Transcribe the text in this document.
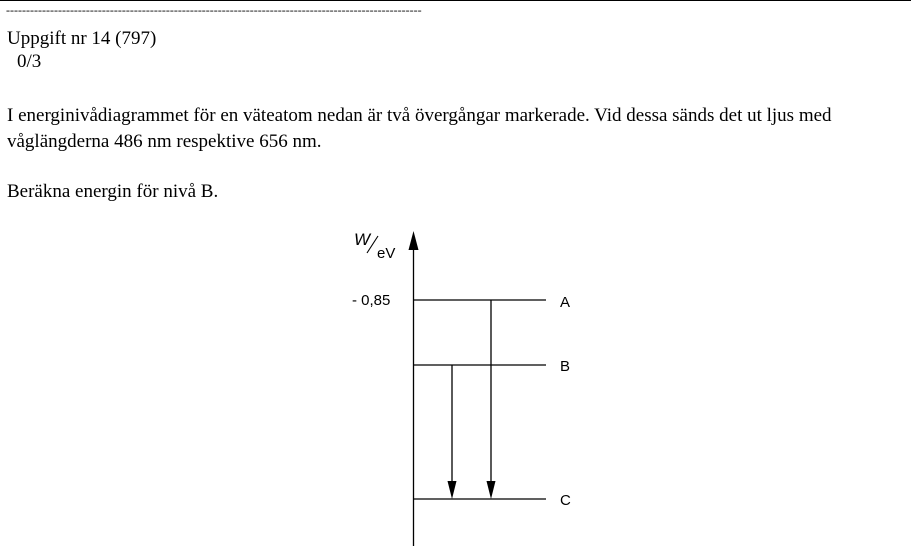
--------------------------------------------------------------------------------------------------------
Uppgift nr 14 (797)
0/3
I energinivådiagrammet för en väteatom nedan är två övergångar markerade. Vid dessa sänds det ut ljus med våglängderna 486 nm respektive 656 nm.
Beräkna energin för nivå B.
W
eV
- 0,85	A
B
C
